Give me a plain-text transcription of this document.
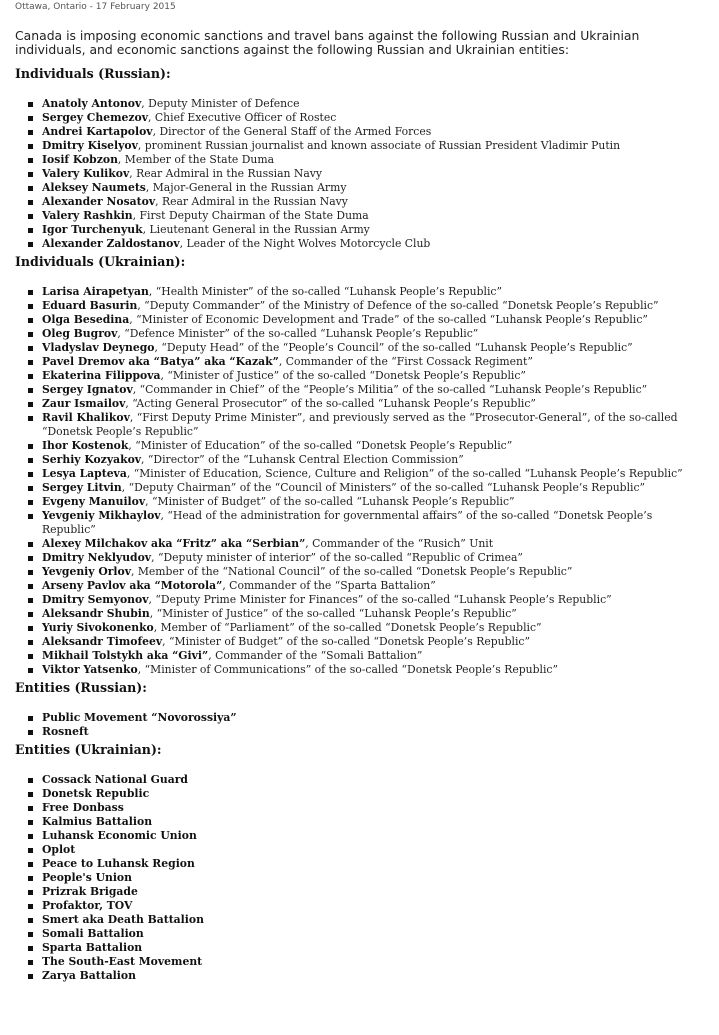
Ottawa, Ontario - 17 February 2015

Canada is imposing economic sanctions and travel bans against the following Russian and Ukrainian individuals, and economic sanctions against the following Russian and Ukrainian entities:

Individuals (Russian):
Anatoly Antonov, Deputy Minister of Defence
Sergey Chemezov, Chief Executive Officer of Rostec
Andrei Kartapolov, Director of the General Staff of the Armed Forces
Dmitry Kiselyov, prominent Russian journalist and known associate of Russian President Vladimir Putin
Iosif Kobzon, Member of the State Duma
Valery Kulikov, Rear Admiral in the Russian Navy
Aleksey Naumets, Major-General in the Russian Army
Alexander Nosatov, Rear Admiral in the Russian Navy
Valery Rashkin, First Deputy Chairman of the State Duma
Igor Turchenyuk, Lieutenant General in the Russian Army
Alexander Zaldostanov, Leader of the Night Wolves Motorcycle Club
Individuals (Ukrainian):
Larisa Airapetyan, “Health Minister” of the so-called “Luhansk People’s Republic”
Eduard Basurin, “Deputy Commander” of the Ministry of Defence of the so-called “Donetsk People’s Republic”
Olga Besedina, “Minister of Economic Development and Trade” of the so-called “Luhansk People’s Republic”
Oleg Bugrov, “Defence Minister” of the so-called “Luhansk People’s Republic”
Vladyslav Deynego, “Deputy Head” of the “People’s Council” of the so-called “Luhansk People’s Republic”
Pavel Dremov aka “Batya” aka “Kazak”, Commander of the “First Cossack Regiment”
Ekaterina Filippova, “Minister of Justice” of the so-called “Donetsk People’s Republic”
Sergey Ignatov, “Commander in Chief” of the “People’s Militia” of the so-called “Luhansk People’s Republic”
Zaur Ismailov, “Acting General Prosecutor” of the so-called “Luhansk People’s Republic”
Ravil Khalikov, “First Deputy Prime Minister”, and previously served as the “Prosecutor-General”, of the so-called “Donetsk People’s Republic”
Ihor Kostenok, “Minister of Education” of the so-called “Donetsk People’s Republic”
Serhiy Kozyakov, “Director” of the “Luhansk Central Election Commission”
Lesya Lapteva, “Minister of Education, Science, Culture and Religion” of the so-called “Luhansk People’s Republic”
Sergey Litvin, “Deputy Chairman” of the “Council of Ministers” of the so-called “Luhansk People’s Republic”
Evgeny Manuilov, “Minister of Budget” of the so-called “Luhansk People’s Republic”
Yevgeniy Mikhaylov, “Head of the administration for governmental affairs” of the so-called “Donetsk People’s Republic”
Alexey Milchakov aka “Fritz” aka “Serbian”, Commander of the “Rusich” Unit
Dmitry Neklyudov, “Deputy minister of interior” of the so-called “Republic of Crimea”
Yevgeniy Orlov, Member of the “National Council” of the so-called “Donetsk People’s Republic”
Arseny Pavlov aka “Motorola”, Commander of the “Sparta Battalion”
Dmitry Semyonov, “Deputy Prime Minister for Finances” of the so-called “Luhansk People’s Republic”
Aleksandr Shubin, “Minister of Justice” of the so-called “Luhansk People’s Republic”
Yuriy Sivokonenko, Member of “Parliament” of the so-called “Donetsk People’s Republic”
Aleksandr Timofeev, “Minister of Budget” of the so-called “Donetsk People’s Republic”
Mikhail Tolstykh aka “Givi”, Commander of the “Somali Battalion”
Viktor Yatsenko, “Minister of Communications” of the so-called “Donetsk People’s Republic”
Entities (Russian):
Public Movement “Novorossiya”
Rosneft
Entities (Ukrainian):
Cossack National Guard
Donetsk Republic
Free Donbass
Kalmius Battalion
Luhansk Economic Union
Oplot
Peace to Luhansk Region
People's Union
Prizrak Brigade
Profaktor, TOV
Smert aka Death Battalion
Somali Battalion
Sparta Battalion
The South-East Movement
Zarya Battalion
